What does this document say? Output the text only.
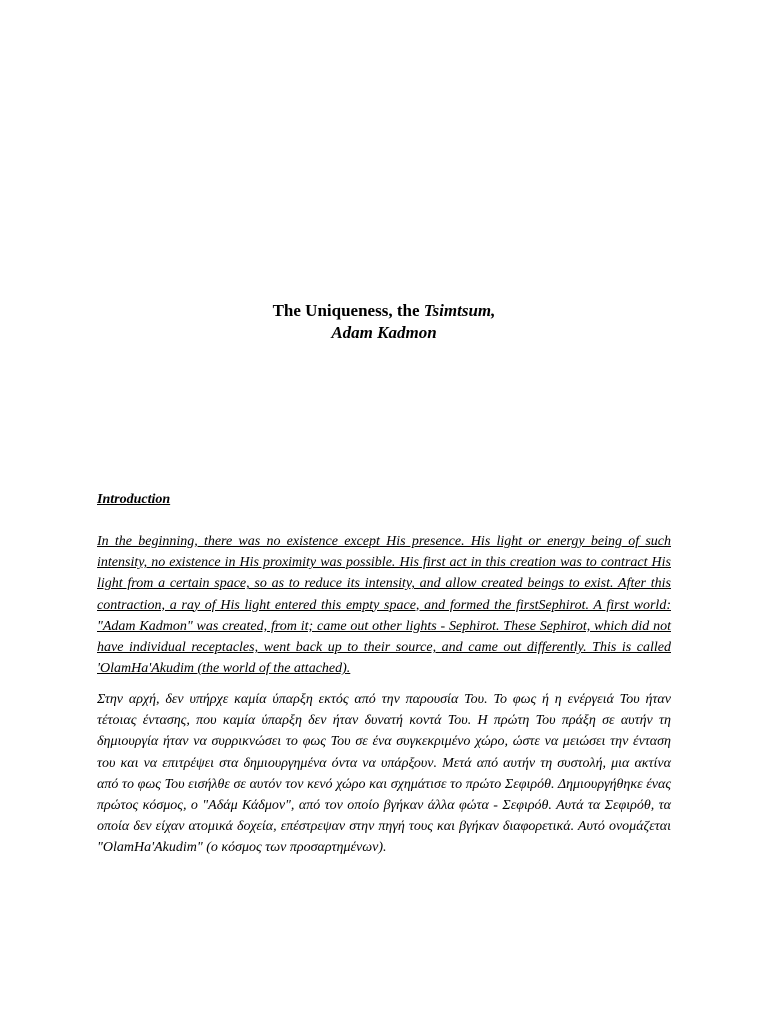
The Uniqueness, the Tsimtsum,
Adam Kadmon
Introduction

In the beginning, there was no existence except His presence. His light or energy being of such intensity, no existence in His proximity was possible. His first act in this creation was to contract His light from a certain space, so as to reduce its intensity, and allow created beings to exist. After this contraction, a ray of His light entered this empty space, and formed the firstSephirot. A first world: "Adam Kadmon" was created, from it; came out other lights - Sephirot. These Sephirot, which did not have individual receptacles, went back up to their source, and came out differently. This is called 'OlamHa'Akudim (the world of the attached).

Στην αρχή, δεν υπήρχε καμία ύπαρξη εκτός από την παρουσία Του. Το φως ή η ενέργειά Του ήταν τέτοιας έντασης, που καμία ύπαρξη δεν ήταν δυνατή κοντά Του. Η πρώτη Του πράξη σε αυτήν τη δημιουργία ήταν να συρρικνώσει το φως Του σε ένα συγκεκριμένο χώρο, ώστε να μειώσει την ένταση του και να επιτρέψει στα δημιουργημένα όντα να υπάρξουν. Μετά από αυτήν τη συστολή, μια ακτίνα από το φως Του εισήλθε σε αυτόν τον κενό χώρο και σχημάτισε το πρώτο Σεφιρόθ. Δημιουργήθηκε ένας πρώτος κόσμος, ο "Αδάμ Κάδμον", από τον οποίο βγήκαν άλλα φώτα - Σεφιρόθ. Αυτά τα Σεφιρόθ, τα οποία δεν είχαν ατομικά δοχεία, επέστρεψαν στην πηγή τους και βγήκαν διαφορετικά. Αυτό ονομάζεται "OlamHa'Akudim" (ο κόσμος των προσαρτημένων).
